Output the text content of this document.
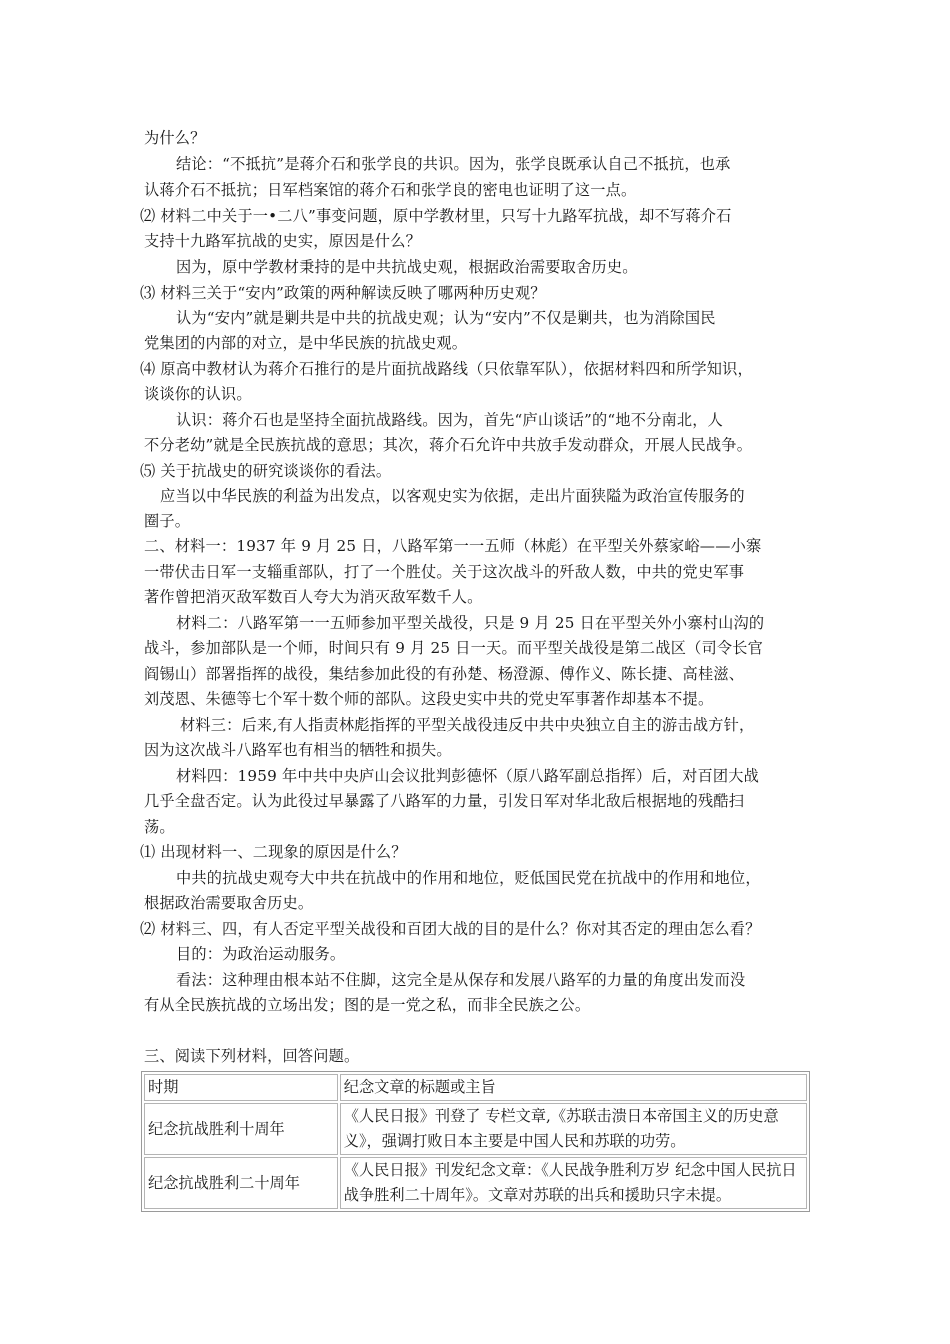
为什么？
结论：“不抵抗”是蒋介石和张学良的共识。因为，张学良既承认自己不抵抗，也承
认蒋介石不抵抗；日军档案馆的蒋介石和张学良的密电也证明了这一点。
⑵ 材料二中关于一•二八”事变问题，原中学教材里，只写十九路军抗战，却不写蒋介石
支持十九路军抗战的史实，原因是什么？
因为，原中学教材秉持的是中共抗战史观，根据政治需要取舍历史。
⑶ 材料三关于“安内”政策的两种解读反映了哪两种历史观？
认为“安内”就是剿共是中共的抗战史观；认为“安内”不仅是剿共，也为消除国民
党集团的内部的对立，是中华民族的抗战史观。
⑷ 原高中教材认为蒋介石推行的是片面抗战路线（只依靠军队），依据材料四和所学知识，
谈谈你的认识。
认识：蒋介石也是坚持全面抗战路线。因为，首先“庐山谈话”的“地不分南北，人
不分老幼”就是全民族抗战的意思；其次，蒋介石允许中共放手发动群众，开展人民战争。
⑸ 关于抗战史的研究谈谈你的看法。
应当以中华民族的利益为出发点，以客观史实为依据，走出片面狭隘为政治宣传服务的
圈子。
二、材料一：1937 年 9 月 25 日，八路军第一一五师（林彪）在平型关外蔡家峪——小寨
一带伏击日军一支辎重部队，打了一个胜仗。关于这次战斗的歼敌人数，中共的党史军事
著作曾把消灭敌军数百人夸大为消灭敌军数千人。
材料二：八路军第一一五师参加平型关战役，只是 9 月 25 日在平型关外小寨村山沟的
战斗，参加部队是一个师，时间只有 9 月 25 日一天。而平型关战役是第二战区（司令长官
阎锡山）部署指挥的战役，集结参加此役的有孙楚、杨澄源、傅作义、陈长捷、高桂滋、
刘茂恩、朱德等七个军十数个师的部队。这段史实中共的党史军事著作却基本不提。
材料三：后来,有人指责林彪指挥的平型关战役违反中共中央独立自主的游击战方针，
因为这次战斗八路军也有相当的牺牲和损失。
材料四：1959 年中共中央庐山会议批判彭德怀（原八路军副总指挥）后，对百团大战
几乎全盘否定。认为此役过早暴露了八路军的力量，引发日军对华北敌后根据地的残酷扫
荡。
⑴ 出现材料一、二现象的原因是什么？
中共的抗战史观夸大中共在抗战中的作用和地位，贬低国民党在抗战中的作用和地位，
根据政治需要取舍历史。
⑵ 材料三、四，有人否定平型关战役和百团大战的目的是什么？你对其否定的理由怎么看？
目的：为政治运动服务。
看法：这种理由根本站不住脚，这完全是从保存和发展八路军的力量的角度出发而没
有从全民族抗战的立场出发；图的是一党之私，而非全民族之公。
三、阅读下列材料，回答问题。
时期	纪念文章的标题或主旨
纪念抗战胜利十周年	《人民日报》刊登了 专栏文章,《苏联击溃日本帝国主义的历史意义》，强调打败日本主要是中国人民和苏联的功劳。
纪念抗战胜利二十周年	《人民日报》刊发纪念文章：《人民战争胜利万岁 纪念中国人民抗日战争胜利二十周年》。文章对苏联的出兵和援助只字未提。
